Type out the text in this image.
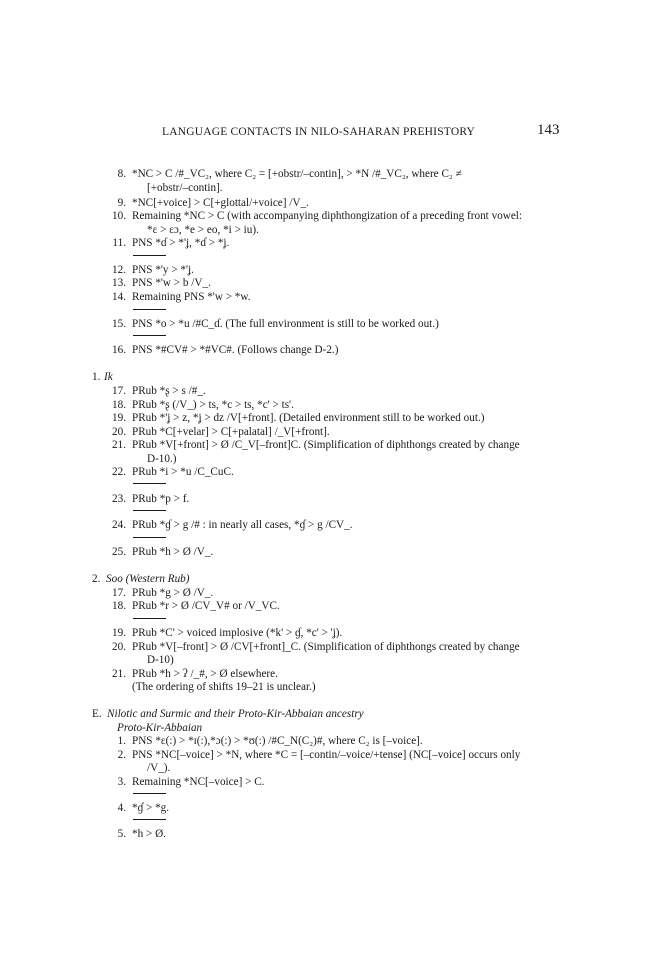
LANGUAGE CONTACTS IN NILO-SAHARAN PREHISTORY	143
8. *NC > C /#_VC₂, where C₂ = [+obstr/–contin], > *N /#_VC₂, where C₂ ≠
[+obstr/–contin].
9. *NC[+voice] > C[+glottal/+voice] /V_.
10. Remaining *NC > C (with accompanying diphthongization of a preceding front vowel:
*ɛ > ɛɔ, *e > eo, *i > iu).
11. PNS *ɗ > *'ʝ, *ɗ > *ʝ.
12. PNS *'y > *'ʝ.
13. PNS *'w > b /V_.
14. Remaining PNS *'w > *w.
15. PNS *o > *u /#C_ɗ. (The full environment is still to be worked out.)
16. PNS *#CV# > *#VC#. (Follows change D-2.)
1. Ik
17. PRub *ʂ > s /#_.
18. PRub *ʂ (/V_) > ts, *c > ts, *c' > ts'.
19. PRub *'ʝ > z, *ʝ > dz /V[+front]. (Detailed environment still to be worked out.)
20. PRub *C[+velar] > C[+palatal] /_V[+front].
21. PRub *V[+front] > Ø /C_V[–front]C. (Simplification of diphthongs created by change
D-10.)
22. PRub *i > *u /C_CuC.
23. PRub *p > f.
24. PRub *ɠ > g /# : in nearly all cases, *ɠ > g /CV_.
25. PRub *h > Ø /V_.
2. Soo (Western Rub)
17. PRub *g > Ø /V_.
18. PRub *r > Ø /CV_V# or /V_VC.
19. PRub *C' > voiced implosive (*k' > ɠ, *c' > 'ʝ).
20. PRub *V[–front] > Ø /CV[+front]_C. (Simplification of diphthongs created by change
D-10)
21. PRub *h > ʔ /_#, > Ø elsewhere.
(The ordering of shifts 19–21 is unclear.)
E. Nilotic and Surmic and their Proto-Kir-Abbaian ancestry
Proto-Kir-Abbaian
1. PNS *ɛ(:) > *ɪ(:),*ɔ(:) > *ʊ(:) /#C_N(C₂)#, where C₂ is [–voice].
2. PNS *NC[–voice] > *N, where *C = [–contin/–voice/+tense] (NC[–voice] occurs only
/V_).
3. Remaining *NC[–voice] > C.
4. *ɠ > *g.
5. *h > Ø.
